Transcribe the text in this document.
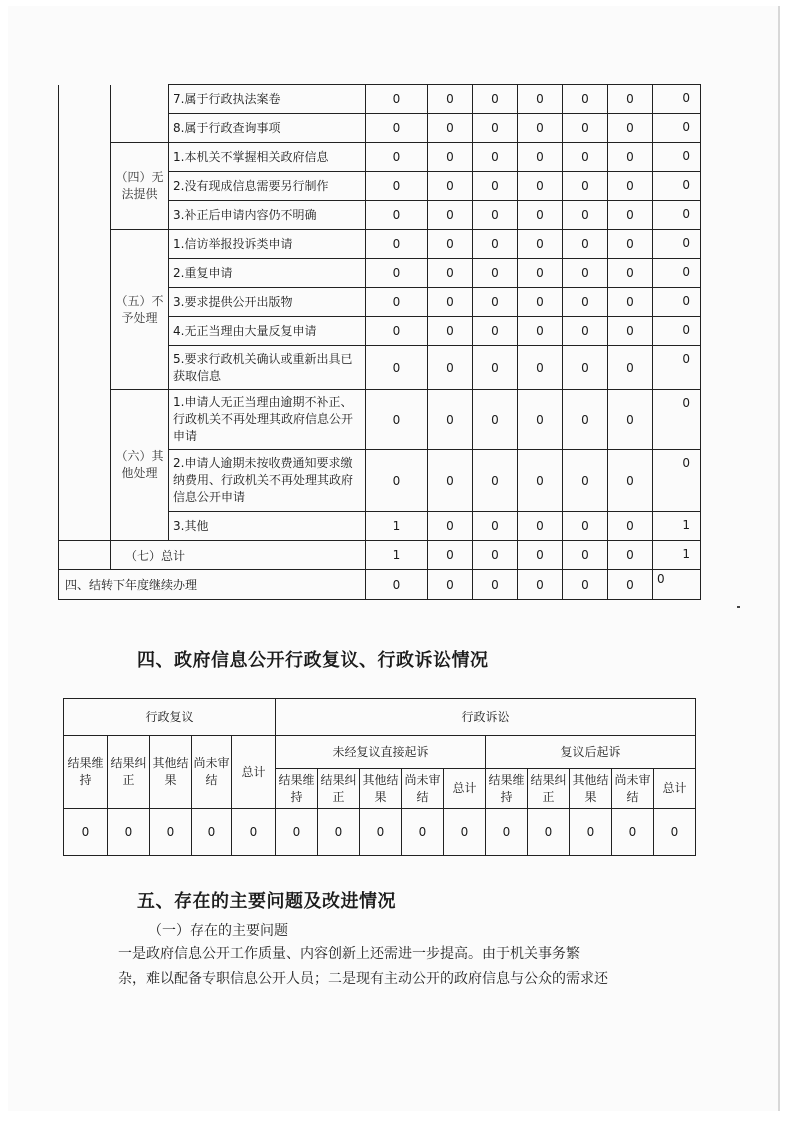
		7.属于行政执法案卷	0	0	0	0	0	0	0
		8.属于行政查询事项	0	0	0	0	0	0	0
	（四）无法提供	1.本机关不掌握相关政府信息	0	0	0	0	0	0	0
		2.没有现成信息需要另行制作	0	0	0	0	0	0	0
		3.补正后申请内容仍不明确	0	0	0	0	0	0	0
	（五）不予处理	1.信访举报投诉类申请	0	0	0	0	0	0	0
		2.重复申请	0	0	0	0	0	0	0
		3.要求提供公开出版物	0	0	0	0	0	0	0
		4.无正当理由大量反复申请	0	0	0	0	0	0	0
		5.要求行政机关确认或重新出具已获取信息	0	0	0	0	0	0	0
	（六）其他处理	1.申请人无正当理由逾期不补正、行政机关不再处理其政府信息公开申请	0	0	0	0	0	0	0
		2.申请人逾期未按收费通知要求缴纳费用、行政机关不再处理其政府信息公开申请	0	0	0	0	0	0	0
		3.其他	1	0	0	0	0	0	1
	（七）总计		1	0	0	0	0	0	1
四、结转下年度继续办理			0	0	0	0	0	0	0
四、政府信息公开行政复议、行政诉讼情况
行政复议					行政诉讼									
结果维持	结果纠正	其他结果	尚未审结	总计	未经复议直接起诉					复议后起诉				
					结果维持	结果纠正	其他结果	尚未审结	总计	结果维持	结果纠正	其他结果	尚未审结	总计
0	0	0	0	0	0	0	0	0	0	0	0	0	0	0
五、存在的主要问题及改进情况

（一）存在的主要问题

一是政府信息公开工作质量、内容创新上还需进一步提高。由于机关事务繁

杂，难以配备专职信息公开人员；二是现有主动公开的政府信息与公众的需求还
